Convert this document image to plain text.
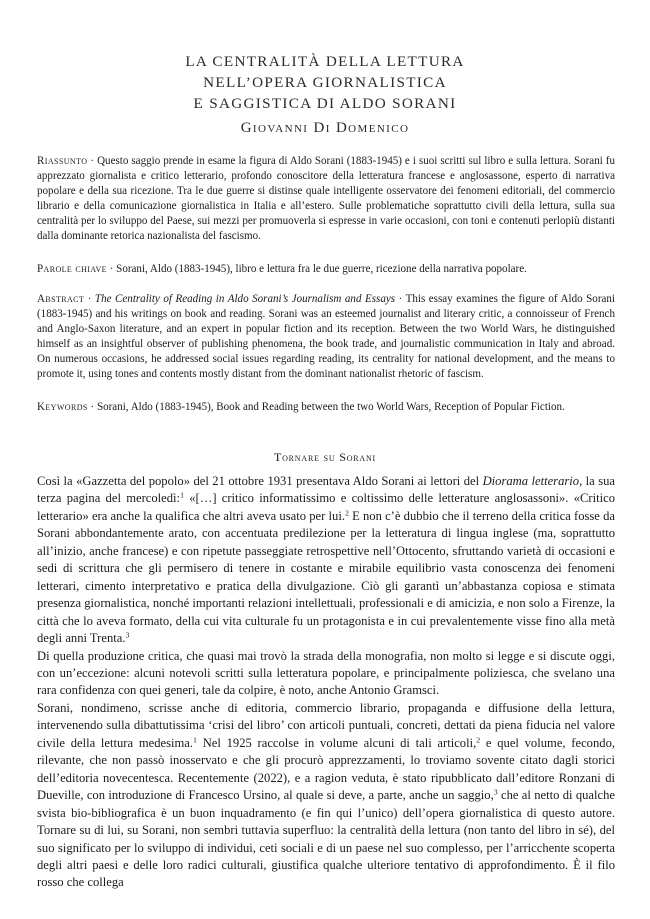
LA CENTRALITÀ DELLA LETTURA
NELL’OPERA GIORNALISTICA
E SAGGISTICA DI ALDO SORANI
Giovanni Di Domenico
Riassunto · Questo saggio prende in esame la figura di Aldo Sorani (1883-1945) e i suoi scritti sul libro e sulla lettura. Sorani fu apprezzato giornalista e critico letterario, profondo conoscitore della letteratura francese e anglosassone, esperto di narrativa popolare e della sua ricezione. Tra le due guerre si distinse quale intelligente osservatore dei fenomeni editoriali, del commercio librario e della comunicazione giornalistica in Italia e all’estero. Sulle problematiche soprattutto civili della lettura, sulla sua centralità per lo sviluppo del Paese, sui mezzi per promuoverla si espresse in varie occasioni, con toni e contenuti perlopiù distanti dalla dominante retorica nazionalista del fascismo.
Parole chiave · Sorani, Aldo (1883-1945), libro e lettura fra le due guerre, ricezione della narrativa popolare.
Abstract · The Centrality of Reading in Aldo Sorani’s Journalism and Essays · This essay examines the figure of Aldo Sorani (1883-1945) and his writings on book and reading. Sorani was an esteemed journalist and literary critic, a connoisseur of French and Anglo-Saxon literature, and an expert in popular fiction and its reception. Between the two World Wars, he distinguished himself as an insightful observer of publishing phenomena, the book trade, and journalistic communication in Italy and abroad. On numerous occasions, he addressed social issues regarding reading, its centrality for national development, and the means to promote it, using tones and contents mostly distant from the dominant nationalist rhetoric of fascism.
Keywords · Sorani, Aldo (1883-1945), Book and Reading between the two World Wars, Reception of Popular Fiction.
Tornare su Sorani

Così la «Gazzetta del popolo» del 21 ottobre 1931 presentava Aldo Sorani ai lettori del Diorama letterario, la sua terza pagina del mercoledì:$^1$ «[…] critico informatissimo e coltissimo delle letterature anglosassoni». «Critico letterario» era anche la qualifica che altri aveva usato per lui.$^2$ E non c’è dubbio che il terreno della critica fosse da Sorani abbondantemente arato, con accentuata predilezione per la letteratura di lingua inglese (ma, soprattutto all’inizio, anche francese) e con ripetute passeggiate retrospettive nell’Ottocento, sfruttando varietà di occasioni e sedi di scrittura che gli permisero di tenere in costante e mirabile equilibrio vasta conoscenza dei fenomeni letterari, cimento interpretativo e pratica della divulgazione. Ciò gli garantì un’abbastanza copiosa e stimata presenza giornalistica, nonché importanti relazioni intellettuali, professionali e di amicizia, e non solo a Firenze, la città che lo aveva formato, della cui vita culturale fu un protagonista e in cui prevalentemente visse fino alla metà degli anni Trenta.$^3$

Di quella produzione critica, che quasi mai trovò la strada della monografia, non molto si legge e si discute oggi, con un’eccezione: alcuni notevoli scritti sulla letteratura popolare, e principalmente poliziesca, che svelano una rara confidenza con quei generi, tale da colpire, è noto, anche Antonio Gramsci.

Sorani, nondimeno, scrisse anche di editoria, commercio librario, propaganda e diffusione della lettura, intervenendo sulla dibattutissima ‘crisi del libro’ con articoli puntuali, concreti, dettati da piena fiducia nel valore civile della lettura medesima.$^1$ Nel 1925 raccolse in volume alcuni di tali articoli,$^2$ e quel volume, fecondo, rilevante, che non passò inosservato e che gli procurò apprezzamenti, lo troviamo sovente citato dagli storici dell’editoria novecentesca. Recentemente (2022), e a ragion veduta, è stato ripubblicato dall’editore Ronzani di Dueville, con introduzione di Francesco Ursino, al quale si deve, a parte, anche un saggio,$^3$ che al netto di qualche svista bio-bibliografica è un buon inquadramento (e fin qui l’unico) dell’opera giornalistica di questo autore. Tornare su di lui, su Sorani, non sembri tuttavia superfluo: la centralità della lettura (non tanto del libro in sé), del suo significato per lo sviluppo di individui, ceti sociali e di un paese nel suo complesso, per l’arricchente scoperta degli altri paesi e delle loro radici culturali, giustifica qualche ulteriore tentativo di approfondimento. È il filo rosso che collega
